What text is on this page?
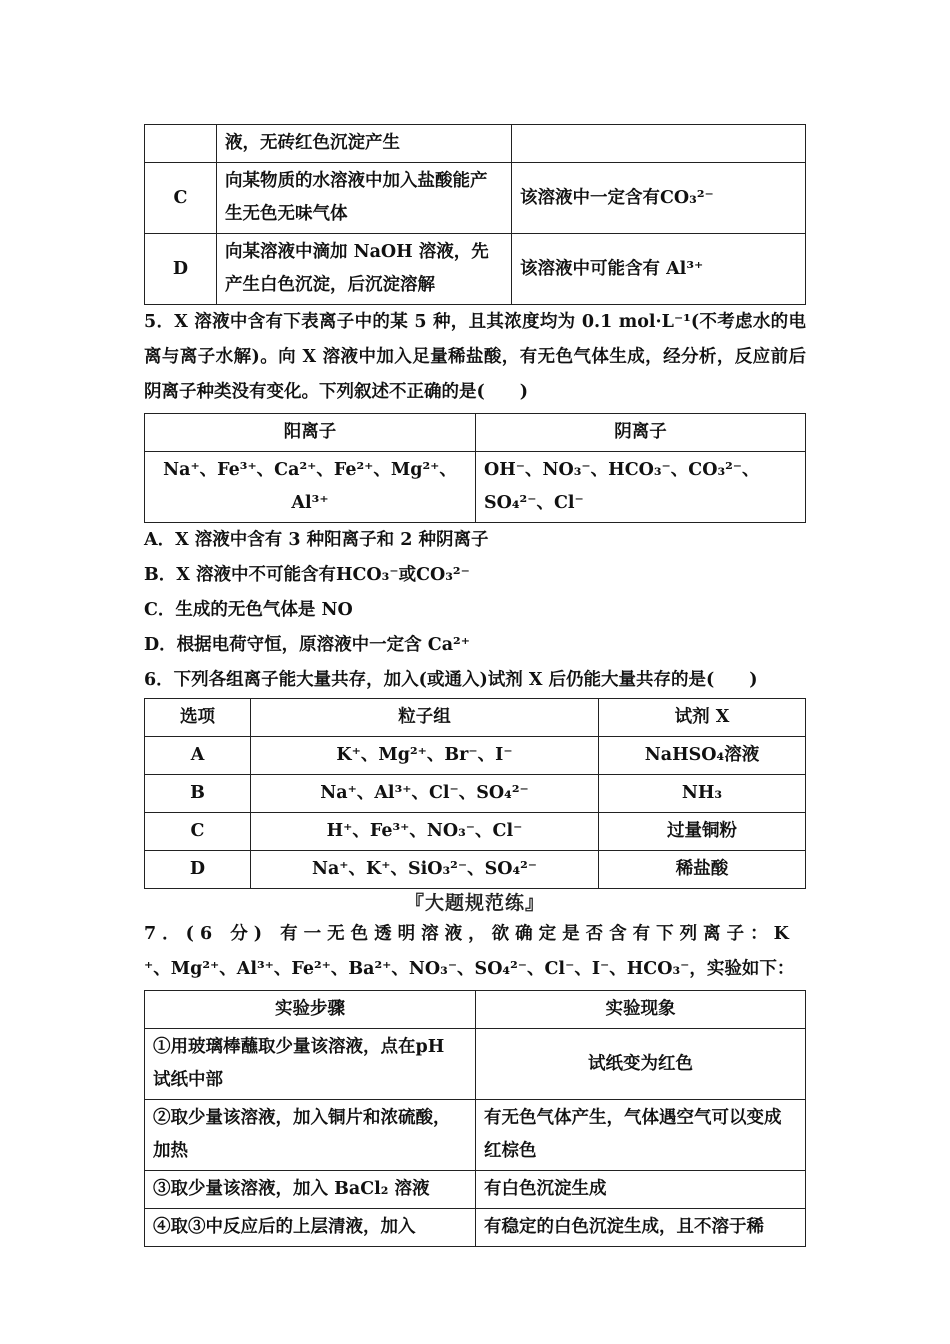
	液，无砖红色沉淀产生	
C	向某物质的水溶液中加入盐酸能产生无色无味气体	该溶液中一定含有CO₃²⁻
D	向某溶液中滴加 NaOH 溶液，先产生白色沉淀，后沉淀溶解	该溶液中可能含有 Al³⁺

5．X 溶液中含有下表离子中的某 5 种，且其浓度均为 0.1 mol·L⁻¹(不考虑水的电离与离子水解)。向 X 溶液中加入足量稀盐酸，有无色气体生成，经分析，反应前后阴离子种类没有变化。下列叙述不正确的是(　　)

阳离子	阴离子
Na⁺、Fe³⁺、Ca²⁺、Fe²⁺、Mg²⁺、Al³⁺	OH⁻、NO₃⁻、HCO₃⁻、CO₃²⁻、SO₄²⁻、Cl⁻

A．X 溶液中含有 3 种阳离子和 2 种阴离子

B．X 溶液中不可能含有HCO₃⁻或CO₃²⁻

C．生成的无色气体是 NO

D．根据电荷守恒，原溶液中一定含 Ca²⁺

6．下列各组离子能大量共存，加入(或通入)试剂 X 后仍能大量共存的是(　　)

选项	粒子组	试剂 X
A	K⁺、Mg²⁺、Br⁻、I⁻	NaHSO₄溶液
B	Na⁺、Al³⁺、Cl⁻、SO₄²⁻	NH₃
C	H⁺、Fe³⁺、NO₃⁻、Cl⁻	过量铜粉
D	Na⁺、K⁺、SiO₃²⁻、SO₄²⁻	稀盐酸
『大题规范练』

7．(6 分) 有一无色透明溶液，欲确定是否含有下列离子：K

⁺、Mg²⁺、Al³⁺、Fe²⁺、Ba²⁺、NO₃⁻、SO₄²⁻、Cl⁻、I⁻、HCO₃⁻，实验如下：

实验步骤	实验现象
①用玻璃棒蘸取少量该溶液，点在pH 试纸中部	试纸变为红色
②取少量该溶液，加入铜片和浓硫酸，加热	有无色气体产生，气体遇空气可以变成红棕色
③取少量该溶液，加入 BaCl₂ 溶液	有白色沉淀生成
④取③中反应后的上层清液，加入	有稳定的白色沉淀生成，且不溶于稀
